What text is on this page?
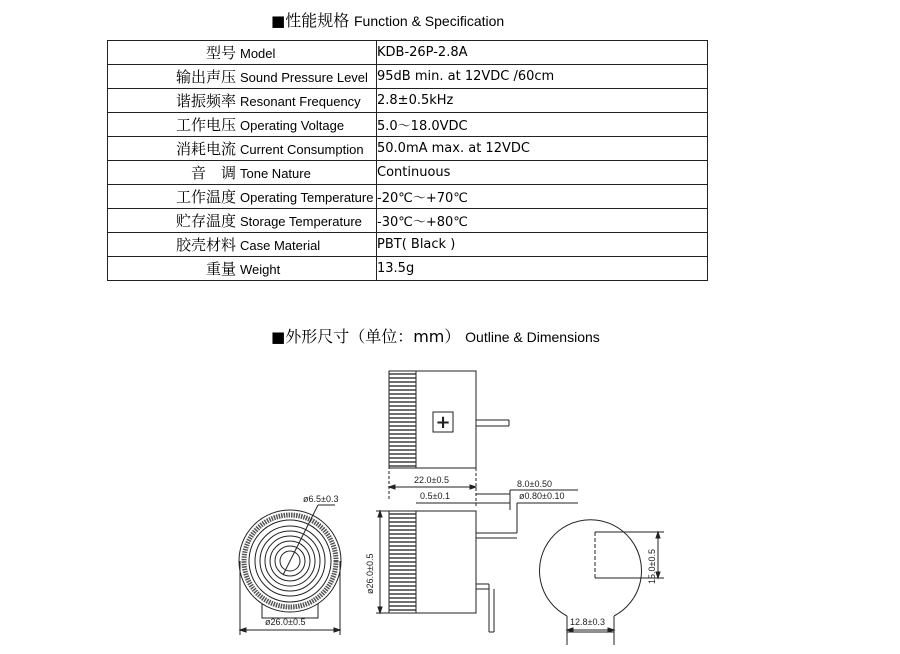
■性能规格 Function & Specification
型号 Model	KDB-26P-2.8A
输出声压 Sound Pressure Level	95dB min. at 12VDC /60cm
谐振频率 Resonant Frequency	2.8±0.5kHz
工作电压 Operating Voltage	5.0～18.0VDC
消耗电流 Current Consumption	50.0mA max. at 12VDC
音　调 Tone Nature	Continuous
工作温度 Operating Temperature	-20℃～+70℃
贮存温度 Storage Temperature	-30℃～+80℃
胶壳材料 Case Material	PBT( Black )
重量 Weight	13.5g
■外形尺寸（单位：mm） Outline & Dimensions
+
22.0±0.5
0.5±0.1
8.0±0.50
ø0.80±0.10
ø6.5±0.3
ø26.0±0.5
ø26.0±0.5
15.0±0.5
12.8±0.3
